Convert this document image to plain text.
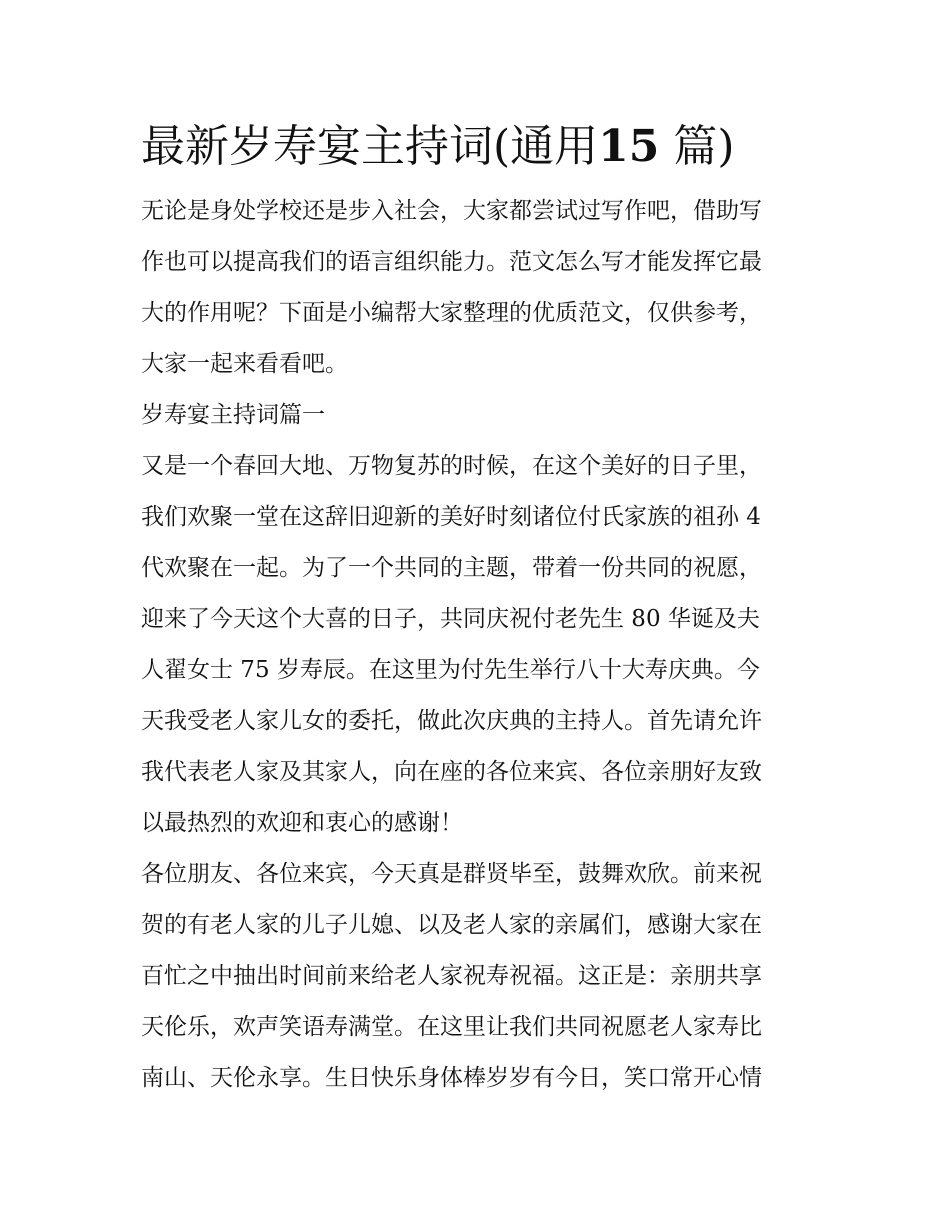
最新岁寿宴主持词(通用15 篇)
无论是身处学校还是步入社会，大家都尝试过写作吧，借助写
作也可以提高我们的语言组织能力。范文怎么写才能发挥它最
大的作用呢？下面是小编帮大家整理的优质范文，仅供参考，
大家一起来看看吧。
岁寿宴主持词篇一
又是一个春回大地、万物复苏的时候，在这个美好的日子里，
我们欢聚一堂在这辞旧迎新的美好时刻诸位付氏家族的祖孙 4
代欢聚在一起。为了一个共同的主题，带着一份共同的祝愿，
迎来了今天这个大喜的日子，共同庆祝付老先生 80 华诞及夫
人翟女士 75 岁寿辰。在这里为付先生举行八十大寿庆典。今
天我受老人家儿女的委托，做此次庆典的主持人。首先请允许
我代表老人家及其家人，向在座的各位来宾、各位亲朋好友致
以最热烈的欢迎和衷心的感谢！
各位朋友、各位来宾，今天真是群贤毕至，鼓舞欢欣。前来祝
贺的有老人家的儿子儿媳、以及老人家的亲属们，感谢大家在
百忙之中抽出时间前来给老人家祝寿祝福。这正是：亲朋共享
天伦乐，欢声笑语寿满堂。在这里让我们共同祝愿老人家寿比
南山、天伦永享。生日快乐身体棒岁岁有今日，笑口常开心情
